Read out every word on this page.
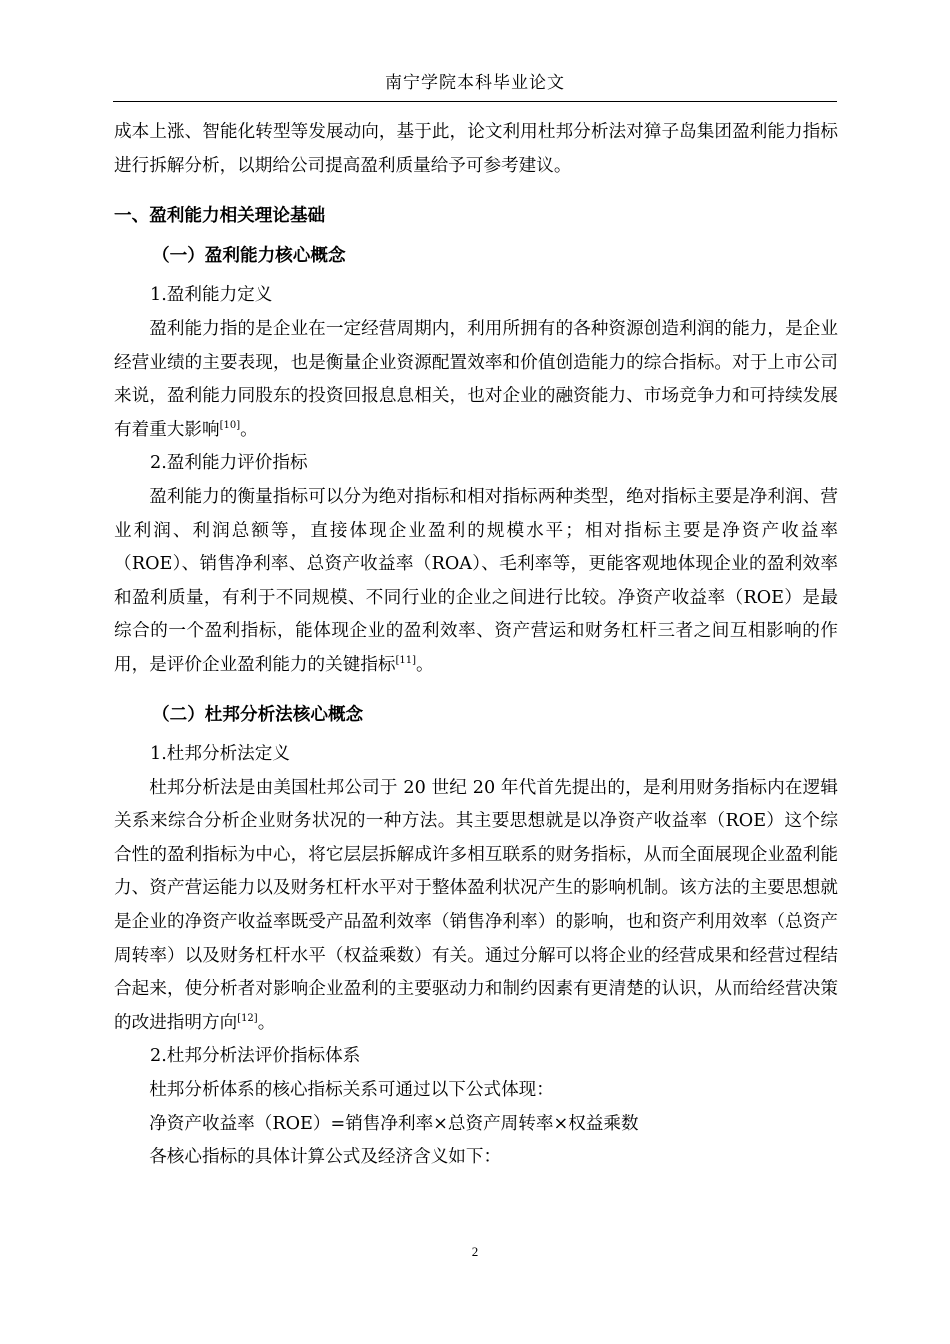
南宁学院本科毕业论文

成本上涨、智能化转型等发展动向，基于此，论文利用杜邦分析法对獐子岛集团盈利能力指标进行拆解分析，以期给公司提高盈利质量给予可参考建议。

一、盈利能力相关理论基础

（一）盈利能力核心概念

1.盈利能力定义

盈利能力指的是企业在一定经营周期内，利用所拥有的各种资源创造利润的能力，是企业经营业绩的主要表现，也是衡量企业资源配置效率和价值创造能力的综合指标。对于上市公司来说，盈利能力同股东的投资回报息息相关，也对企业的融资能力、市场竞争力和可持续发展有着重大影响[10]。

2.盈利能力评价指标

盈利能力的衡量指标可以分为绝对指标和相对指标两种类型，绝对指标主要是净利润、营业利润、利润总额等，直接体现企业盈利的规模水平；相对指标主要是净资产收益率（ROE）、销售净利率、总资产收益率（ROA）、毛利率等，更能客观地体现企业的盈利效率和盈利质量，有利于不同规模、不同行业的企业之间进行比较。净资产收益率（ROE）是最综合的一个盈利指标，能体现企业的盈利效率、资产营运和财务杠杆三者之间互相影响的作用，是评价企业盈利能力的关键指标[11]。

（二）杜邦分析法核心概念

1.杜邦分析法定义

杜邦分析法是由美国杜邦公司于 20 世纪 20 年代首先提出的，是利用财务指标内在逻辑关系来综合分析企业财务状况的一种方法。其主要思想就是以净资产收益率（ROE）这个综合性的盈利指标为中心，将它层层拆解成许多相互联系的财务指标，从而全面展现企业盈利能力、资产营运能力以及财务杠杆水平对于整体盈利状况产生的影响机制。该方法的主要思想就是企业的净资产收益率既受产品盈利效率（销售净利率）的影响，也和资产利用效率（总资产周转率）以及财务杠杆水平（权益乘数）有关。通过分解可以将企业的经营成果和经营过程结合起来，使分析者对影响企业盈利的主要驱动力和制约因素有更清楚的认识，从而给经营决策的改进指明方向[12]。

2.杜邦分析法评价指标体系

杜邦分析体系的核心指标关系可通过以下公式体现：

净资产收益率（ROE）=销售净利率×总资产周转率×权益乘数

各核心指标的具体计算公式及经济含义如下：

2
